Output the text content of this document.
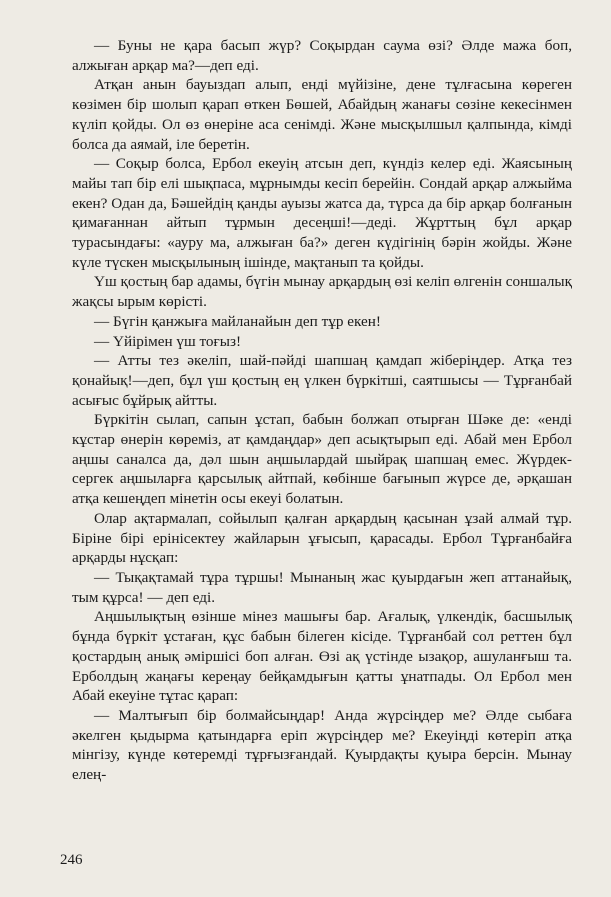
— Буны не қара басып жүр? Соқырдан саума өзі? Әлде мажа боп, алжыған арқар ма?—деп еді.

Атқан анын бауыздап алып, енді мүйізіне, дене тұлғасына көреген көзімен бір шолып қарап өткен Бөшей, Абайдың жанағы сөзіне кекесінмен күліп қойды. Ол өз өнеріне аса сенімді. Және мысқылшыл қалпында, кімді болса да аямай, іле беретін.

— Соқыр болса, Ербол екеуің атсын деп, күндіз келер еді. Жаясының майы тап бір елі шықпаса, мұрнымды кесіп берейін. Сондай арқар алжыйма екен? Одан да, Бәшейдің қанды ауызы жатса да, түрса да бір арқар болғанын қимағаннан айтып тұрмын десеңші!—деді. Жұрттың бұл арқар турасындағы: «ауру ма, алжыған ба?» деген күдігінің бәрін жойды. Және күле түскен мысқылының ішінде, мақтанып та қойды.

Үш қостың бар адамы, бүгін мынау арқардың өзі келіп өлгенін соншалық жақсы ырым көрісті.

— Бүгін қанжыға майланайын деп тұр екен!

— Үйірімен үш тоғыз!

— Атты тез әкеліп, шай-пәйді шапшаң қамдап жіберіңдер. Атқа тез қонайық!—деп, бұл үш қостың ең үлкен бүркітші, саятшысы — Тұрғанбай асығыс бұйрық айтты.

Бүркітін сылап, сапын ұстап, бабын болжап отырған Шәке де: «енді кұстар өнерін көреміз, ат қамдаңдар» деп асықтырып еді. Абай мен Ербол аңшы саналса да, дәл шын аңшылардай шыйрақ шапшаң емес. Жүрдек-сергек аңшыларға қарсылық айтпай, көбінше бағынып жүрсе де, әрқашан атқа кешеңдеп мінетін осы екеуі болатын.

Олар ақтармалап, сойылып қалған арқардың қасынан ұзай алмай тұр. Біріне бірі ерінісектеу жайларын ұғысып, қарасады. Ербол Тұрғанбайға арқарды нұсқап:

— Тықақтамай тұра тұршы! Мынаның жас қуырдағын жеп аттанайық, тым құрса! — деп еді.

Аңшылықтың өзінше мінез машығы бар. Ағалық, үлкендік, басшылық бұнда бүркіт ұстаған, құс бабын білеген кісіде. Тұрғанбай сол реттен бұл қостардың анық әміршісі боп алған. Өзі ақ үстінде ызақор, ашуланғыш та. Ерболдың жаңағы кереңау бейқамдығын қатты ұнатпады. Ол Ербол мен Абай екеуіне тұтас қарап:

— Малтығып бір болмайсыңдар! Анда жүрсіңдер ме? Әлде сыбаға әкелген қыдырма қатындарға еріп жүрсіңдер ме? Екеуіңді көтеріп атқа мінгізу, күнде көтеремді тұрғызғандай. Қуырдақты қуыра берсін. Мынау елең-

246
